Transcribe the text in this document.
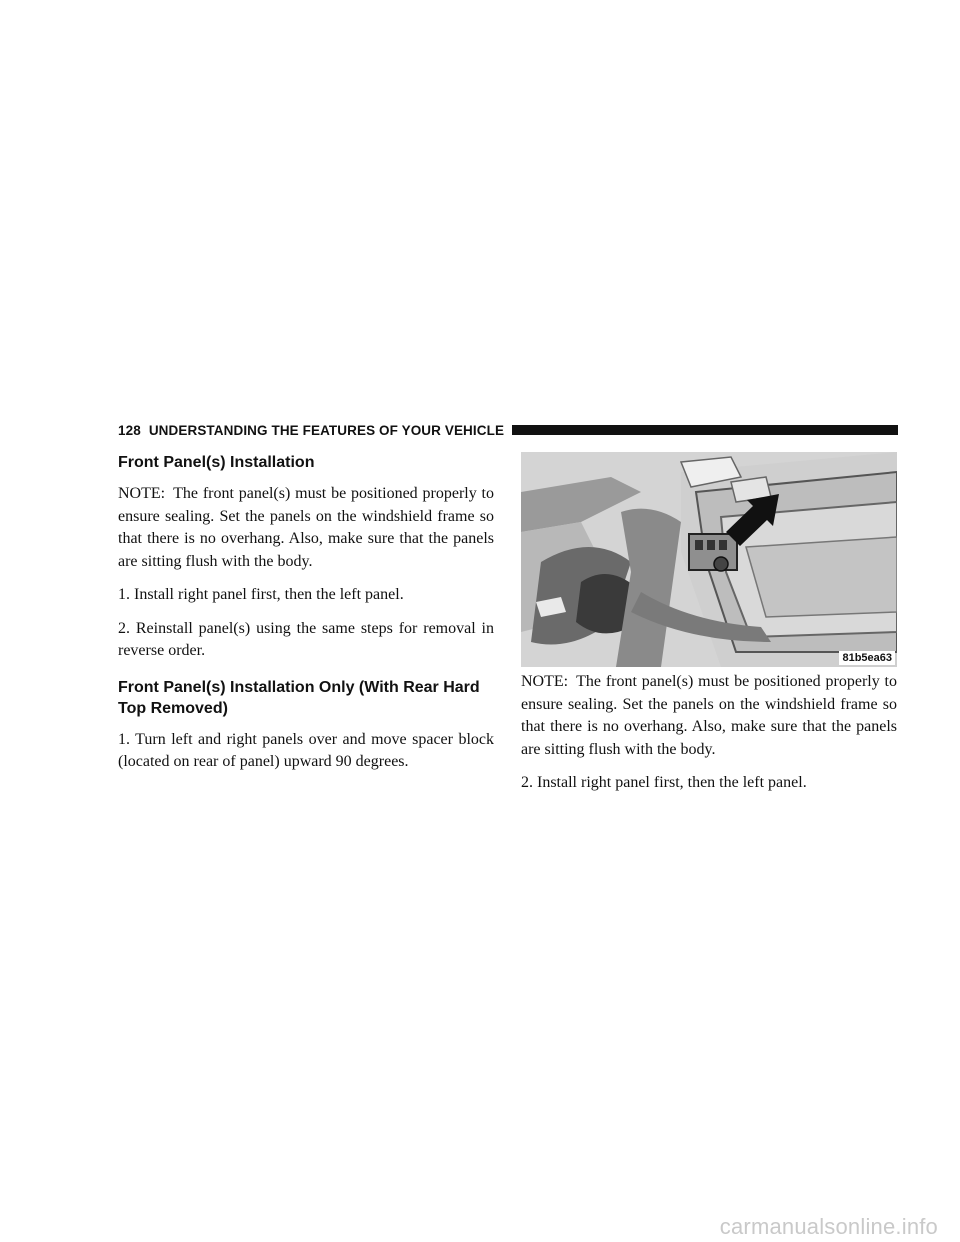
128 UNDERSTANDING THE FEATURES OF YOUR VEHICLE
Front Panel(s) Installation

NOTE: The front panel(s) must be positioned properly to ensure sealing. Set the panels on the windshield frame so that there is no overhang. Also, make sure that the panels are sitting flush with the body.

1. Install right panel first, then the left panel.

2. Reinstall panel(s) using the same steps for removal in reverse order.

Front Panel(s) Installation Only (With Rear Hard Top Removed)

1. Turn left and right panels over and move spacer block (located on rear of panel) upward 90 degrees.

81b5ea63

NOTE: The front panel(s) must be positioned properly to ensure sealing. Set the panels on the windshield frame so that there is no overhang. Also, make sure that the panels are sitting flush with the body.

2. Install right panel first, then the left panel.

carmanualsonline.info
